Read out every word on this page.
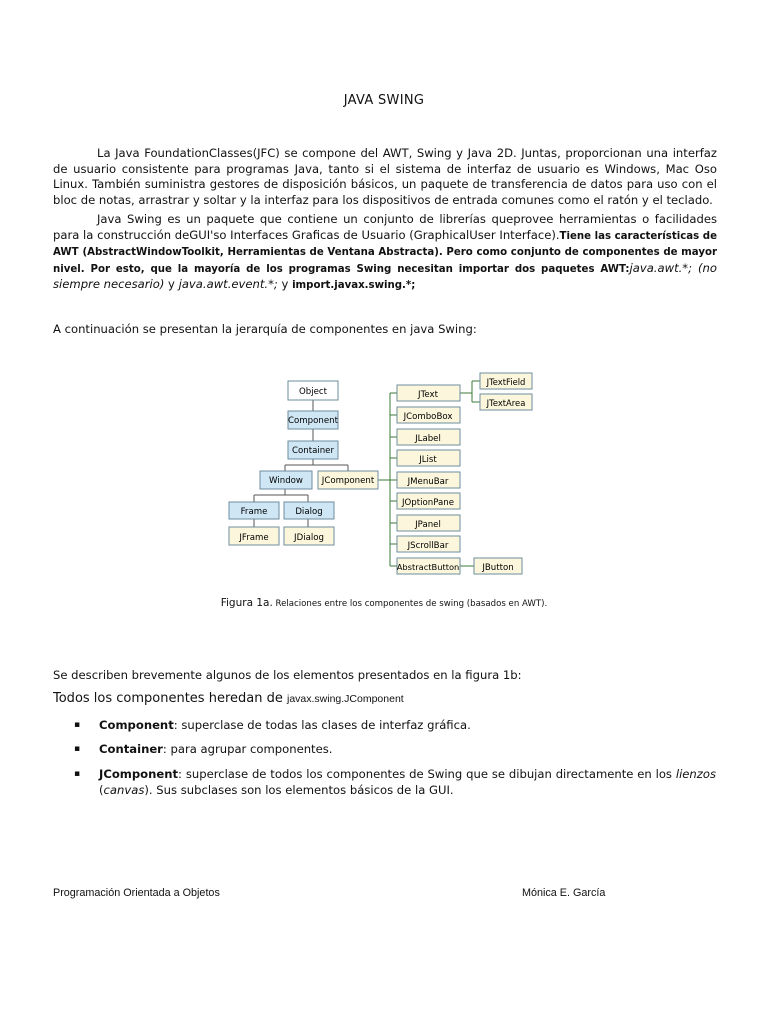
JAVA SWING
La Java FoundationClasses(JFC) se compone del AWT, Swing y Java 2D. Juntas, proporcionan una interfaz de usuario consistente para programas Java, tanto si el sistema de interfaz de usuario es Windows, Mac Oso Linux. También suministra gestores de disposición básicos, un paquete de transferencia de datos para uso con el bloc de notas, arrastrar y soltar y la interfaz para los dispositivos de entrada comunes como el ratón y el teclado.
Java Swing es un paquete que contiene un conjunto de librerías queprovee herramientas o facilidades para la construcción deGUI'so Interfaces Graficas de Usuario (GraphicalUser Interface).Tiene las características de AWT (AbstractWindowToolkit, Herramientas de Ventana Abstracta). Pero como conjunto de componentes de mayor nivel. Por esto, que la mayoría de los programas Swing necesitan importar dos paquetes AWT:java.awt.*; (no siempre necesario) y java.awt.event.*; y import.javax.swing.*;
A continuación se presentan la jerarquía de componentes en java Swing:
Object
Component
Container
Window JComponent
Frame	Dialog
JFrame	JDialog
JText
JComboBox
JLabel
JList
JMenuBar
JOptionPane
JPanel
JScrollBar
AbstractButton
JTextField
JTextArea
JButton
Figura 1a. Relaciones entre los componentes de swing (basados en AWT).
Se describen brevemente algunos de los elementos presentados en la figura 1b:
Todos los componentes heredan de javax.swing.JComponent
▪ Component: superclase de todas las clases de interfaz gráfica.
▪ Container: para agrupar componentes.
▪ JComponent: superclase de todos los componentes de Swing que se dibujan directamente en los lienzos (canvas). Sus subclases son los elementos básicos de la GUI.
Programación Orientada a Objetos	Mónica E. García
